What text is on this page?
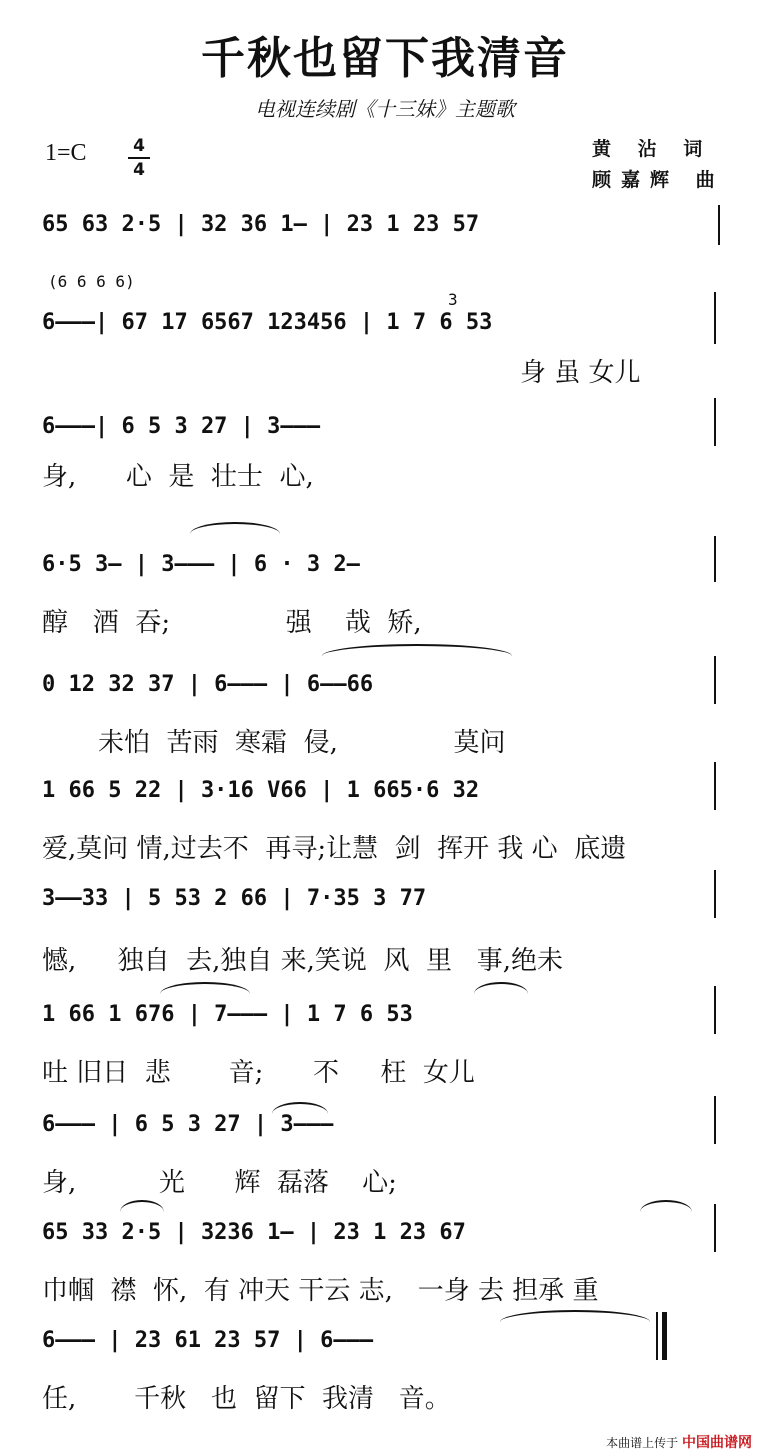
千秋也留下我清音
电视连续剧《十三妹》主题歌
1=C	4
4
黄 沾 词
顾嘉辉 曲
65 63 2·5 | 32 36 1— | 23 1 23 57
(6 6 6 6)
3
6———| 67 17 6567 123456 | 1 7 6 53
身 虽 女儿
6———| 6 5 3 27 | 3———
身,      心  是  壮士  心,
6·5 3— | 3——— | 6 · 3 2—
醇   酒  吞;              强    哉  矫,
0 12 32 37 | 6——— | 6——66
未怕  苦雨  寒霜  侵,              莫问
1 66 5 22 | 3·16 V66 | 1 665·6 32
爱,莫问 情,过去不  再寻;让慧  剑  挥开 我 心  底遗
3——33 | 5 53 2 66 | 7·35 3 77
憾,     独自  去,独自 来,笑说  风  里   事,绝未
1 66 1 676 | 7——— | 1 7 6 53
吐 旧日  悲       音;      不     枉  女儿
6——— | 6 5 3 27 | 3———
身,          光      辉  磊落    心;
65 33 2·5 | 3236 1— | 23 1 23 67
巾帼  襟  怀,  有 冲天 干云 志,   一身 去 担承 重
6——— | 23 61 23 57 | 6———
任,       千秋   也  留下  我清   音。
本曲谱上传于 中国曲谱网
